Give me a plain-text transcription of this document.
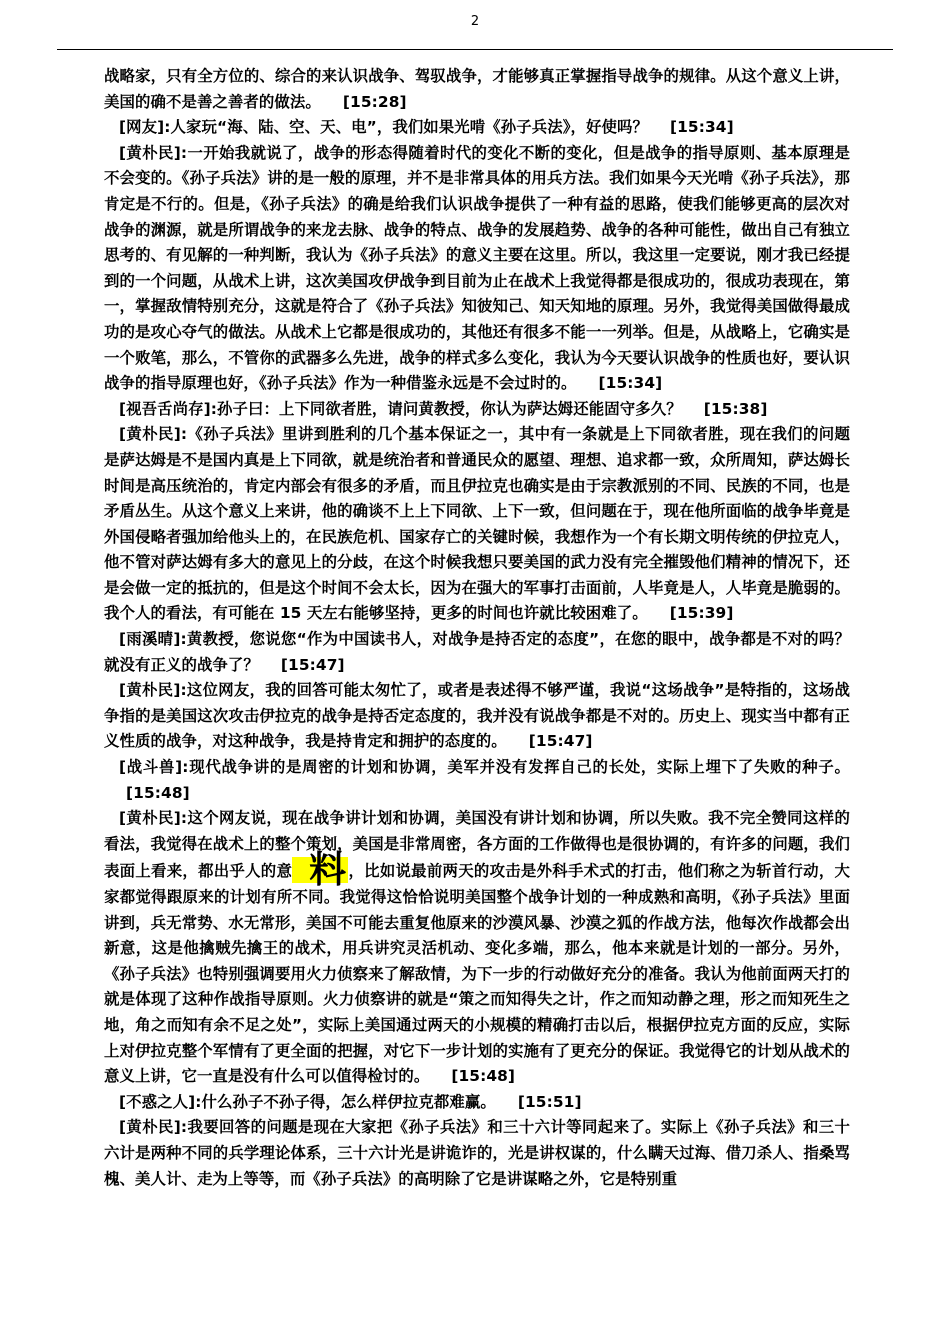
2

战略家，只有全方位的、综合的来认识战争、驾驭战争，才能够真正掌握指导战争的规律。从这个意义上讲，美国的确不是善之善者的做法。 [15:28]

[网友]:人家玩“海、陆、空、天、电”，我们如果光啃《孙子兵法》，好使吗？ [15:34]

[黄朴民]:一开始我就说了，战争的形态得随着时代的变化不断的变化，但是战争的指导原则、基本原理是不会变的。《孙子兵法》讲的是一般的原理，并不是非常具体的用兵方法。我们如果今天光啃《孙子兵法》，那肯定是不行的。但是，《孙子兵法》的确是给我们认识战争提供了一种有益的思路，使我们能够更高的层次对战争的渊源，就是所谓战争的来龙去脉、战争的特点、战争的发展趋势、战争的各种可能性，做出自己有独立思考的、有见解的一种判断，我认为《孙子兵法》的意义主要在这里。所以，我这里一定要说，刚才我已经提到的一个问题，从战术上讲，这次美国攻伊战争到目前为止在战术上我觉得都是很成功的，很成功表现在，第一，掌握敌情特别充分，这就是符合了《孙子兵法》知彼知己、知天知地的原理。另外，我觉得美国做得最成功的是攻心夺气的做法。从战术上它都是很成功的，其他还有很多不能一一列举。但是，从战略上，它确实是一个败笔，那么，不管你的武器多么先进，战争的样式多么变化，我认为今天要认识战争的性质也好，要认识战争的指导原理也好，《孙子兵法》作为一种借鉴永远是不会过时的。 [15:34]

[视吾舌尚存]:孙子曰：上下同欲者胜，请问黄教授，你认为萨达姆还能固守多久？ [15:38]

[黄朴民]:《孙子兵法》里讲到胜利的几个基本保证之一，其中有一条就是上下同欲者胜，现在我们的问题是萨达姆是不是国内真是上下同欲，就是统治者和普通民众的愿望、理想、追求都一致，众所周知，萨达姆长时间是高压统治的，肯定内部会有很多的矛盾，而且伊拉克也确实是由于宗教派别的不同、民族的不同，也是矛盾丛生。从这个意义上来讲，他的确谈不上上下同欲、上下一致，但问题在于，现在他所面临的战争毕竟是外国侵略者强加给他头上的，在民族危机、国家存亡的关键时候，我想作为一个有长期文明传统的伊拉克人，他不管对萨达姆有多大的意见上的分歧，在这个时候我想只要美国的武力没有完全摧毁他们精神的情况下，还是会做一定的抵抗的，但是这个时间不会太长，因为在强大的军事打击面前，人毕竟是人，人毕竟是脆弱的。我个人的看法，有可能在 15 天左右能够坚持，更多的时间也许就比较困难了。 [15:39]

[雨溪晴]:黄教授，您说您“作为中国读书人，对战争是持否定的态度”，在您的眼中，战争都是不对的吗？就没有正义的战争了？ [15:47]

[黄朴民]:这位网友，我的回答可能太匆忙了，或者是表述得不够严谨，我说“这场战争”是特指的，这场战争指的是美国这次攻击伊拉克的战争是持否定态度的，我并没有说战争都是不对的。历史上、现实当中都有正义性质的战争，对这种战争，我是持肯定和拥护的态度的。 [15:47]

[战斗兽]:现代战争讲的是周密的计划和协调，美军并没有发挥自己的长处，实际上埋下了失败的种子。[15:48]

[黄朴民]:这个网友说，现在战争讲计划和协调，美国没有讲计划和协调，所以失败。我不完全赞同这样的看法，我觉得在战术上的整个策划，美国是非常周密，各方面的工作做得也是很协调的，有许多的问题，我们表面上看来，都出乎人的意 料 ，比如说最前两天的攻击是外科手术式的打击，他们称之为斩首行动，大家都觉得跟原来的计划有所不同。我觉得这恰恰说明美国整个战争计划的一种成熟和高明，《孙子兵法》里面讲到，兵无常势、水无常形，美国不可能去重复他原来的沙漠风暴、沙漠之狐的作战方法，他每次作战都会出新意，这是他擒贼先擒王的战术，用兵讲究灵活机动、变化多端，那么，他本来就是计划的一部分。另外，《孙子兵法》也特别强调要用火力侦察来了解敌情，为下一步的行动做好充分的准备。我认为他前面两天打的就是体现了这种作战指导原则。火力侦察讲的就是“策之而知得失之计，作之而知动静之理，形之而知死生之地，角之而知有余不足之处”，实际上美国通过两天的小规模的精确打击以后，根据伊拉克方面的反应，实际上对伊拉克整个军情有了更全面的把握，对它下一步计划的实施有了更充分的保证。我觉得它的计划从战术的意义上讲，它一直是没有什么可以值得检讨的。 [15:48]

[不惑之人]:什么孙子不孙子得，怎么样伊拉克都难赢。 [15:51]

[黄朴民]:我要回答的问题是现在大家把《孙子兵法》和三十六计等同起来了。实际上《孙子兵法》和三十六计是两种不同的兵学理论体系，三十六计光是讲诡诈的，光是讲权谋的，什么瞒天过海、借刀杀人、指桑骂槐、美人计、走为上等等，而《孙子兵法》的高明除了它是讲谋略之外，它是特别重
